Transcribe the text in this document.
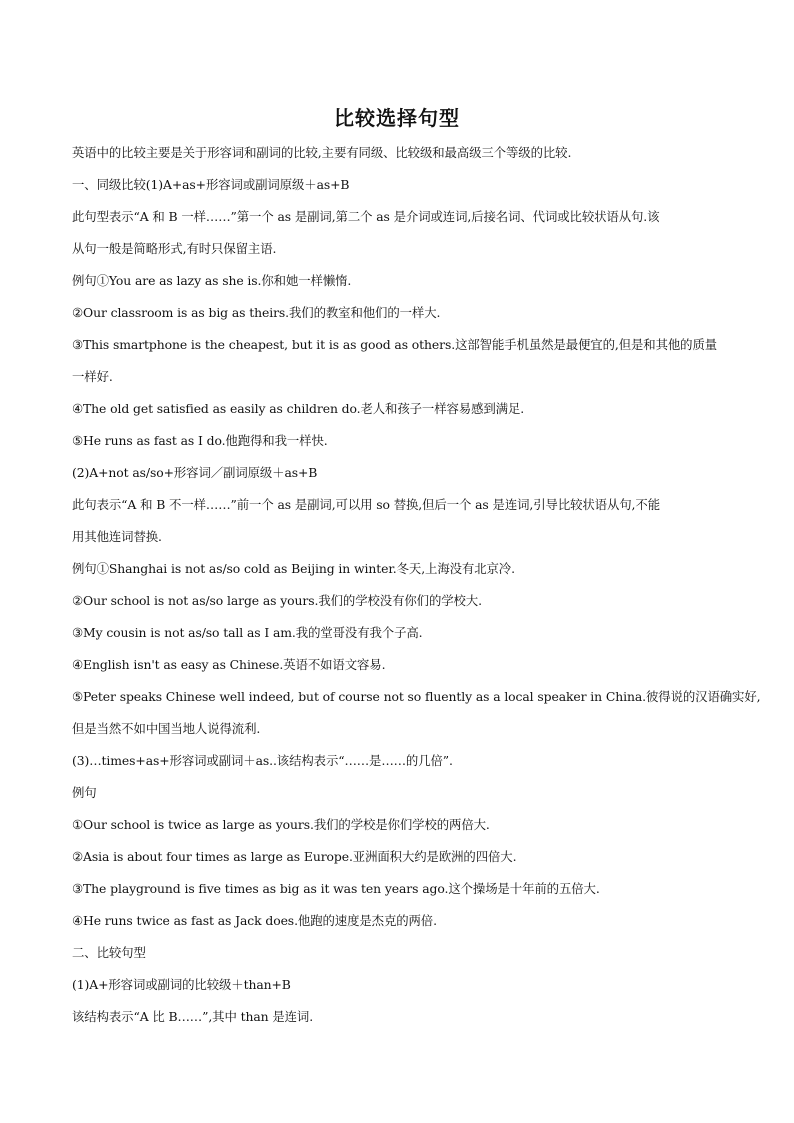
比较选择句型
英语中的比较主要是关于形容词和副词的比较,主要有同级、比较级和最高级三个等级的比较.
一、同级比较(1)A+as+形容词或副词原级＋as+B
此句型表示“A 和 B 一样……”第一个 as 是副词,第二个 as 是介词或连词,后接名词、代词或比较状语从句.该
从句一般是简略形式,有时只保留主语.
例句①You are as lazy as she is.你和她一样懒惰.
②Our classroom is as big as theirs.我们的教室和他们的一样大.
③This smartphone is the cheapest, but it is as good as others.这部智能手机虽然是最便宜的,但是和其他的质量
一样好.
④The old get satisfied as easily as children do.老人和孩子一样容易感到满足.
⑤He runs as fast as I do.他跑得和我一样快.
(2)A+not as/so+形容词／副词原级＋as+B
此句表示“A 和 B 不一样……”前一个 as 是副词,可以用 so 替换,但后一个 as 是连词,引导比较状语从句,不能
用其他连词替换.
例句①Shanghai is not as/so cold as Beijing in winter.冬天,上海没有北京冷.
②Our school is not as/so large as yours.我们的学校没有你们的学校大.
③My cousin is not as/so tall as I am.我的堂哥没有我个子高.
④English isn't as easy as Chinese.英语不如语文容易.
⑤Peter speaks Chinese well indeed, but of course not so fluently as a local speaker in China.彼得说的汉语确实好,
但是当然不如中国当地人说得流利.
(3)…times+as+形容词或副词＋as..该结构表示“……是……的几倍”.
例句
①Our school is twice as large as yours.我们的学校是你们学校的两倍大.
②Asia is about four times as large as Europe.亚洲面积大约是欧洲的四倍大.
③The playground is five times as big as it was ten years ago.这个操场是十年前的五倍大.
④He runs twice as fast as Jack does.他跑的速度是杰克的两倍.
二、比较句型
(1)A+形容词或副词的比较级＋than+B
该结构表示“A 比 B……”,其中 than 是连词.
